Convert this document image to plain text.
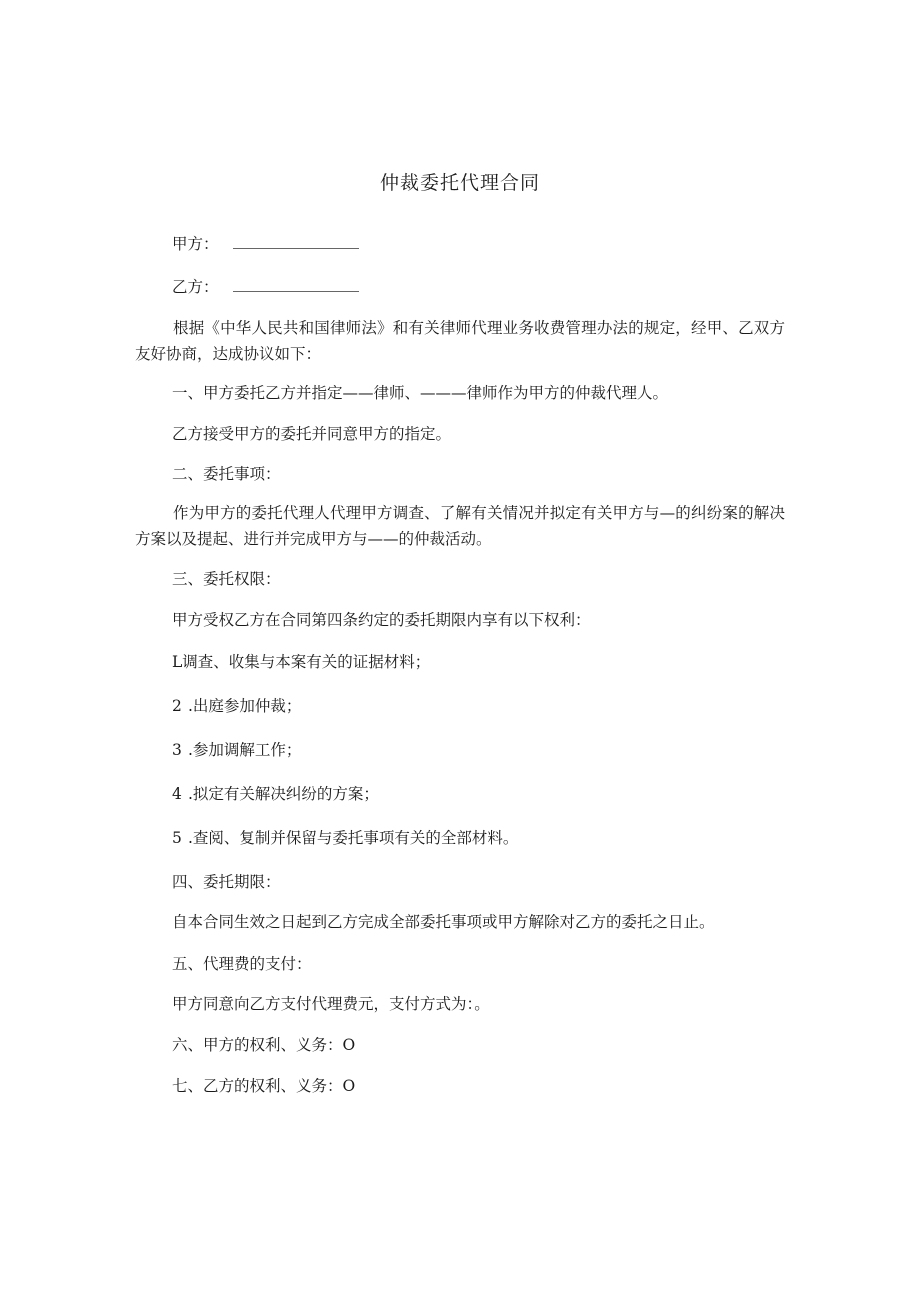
仲裁委托代理合同
甲方：
乙方：
根据《中华人民共和国律师法》和有关律师代理业务收费管理办法的规定，经甲、乙双方友好协商，达成协议如下：
一、甲方委托乙方并指定——律师、———律师作为甲方的仲裁代理人。
乙方接受甲方的委托并同意甲方的指定。
二、委托事项：
作为甲方的委托代理人代理甲方调查、了解有关情况并拟定有关甲方与—的纠纷案的解决方案以及提起、进行并完成甲方与——的仲裁活动。
三、委托权限：
甲方受权乙方在合同第四条约定的委托期限内享有以下权利：
L调查、收集与本案有关的证据材料；
2 .出庭参加仲裁；
3 .参加调解工作；
4 .拟定有关解决纠纷的方案；
5 .查阅、复制并保留与委托事项有关的全部材料。
四、委托期限：
自本合同生效之日起到乙方完成全部委托事项或甲方解除对乙方的委托之日止。
五、代理费的支付：
甲方同意向乙方支付代理费元，支付方式为：。
六、甲方的权利、义务：O
七、乙方的权利、义务：O
